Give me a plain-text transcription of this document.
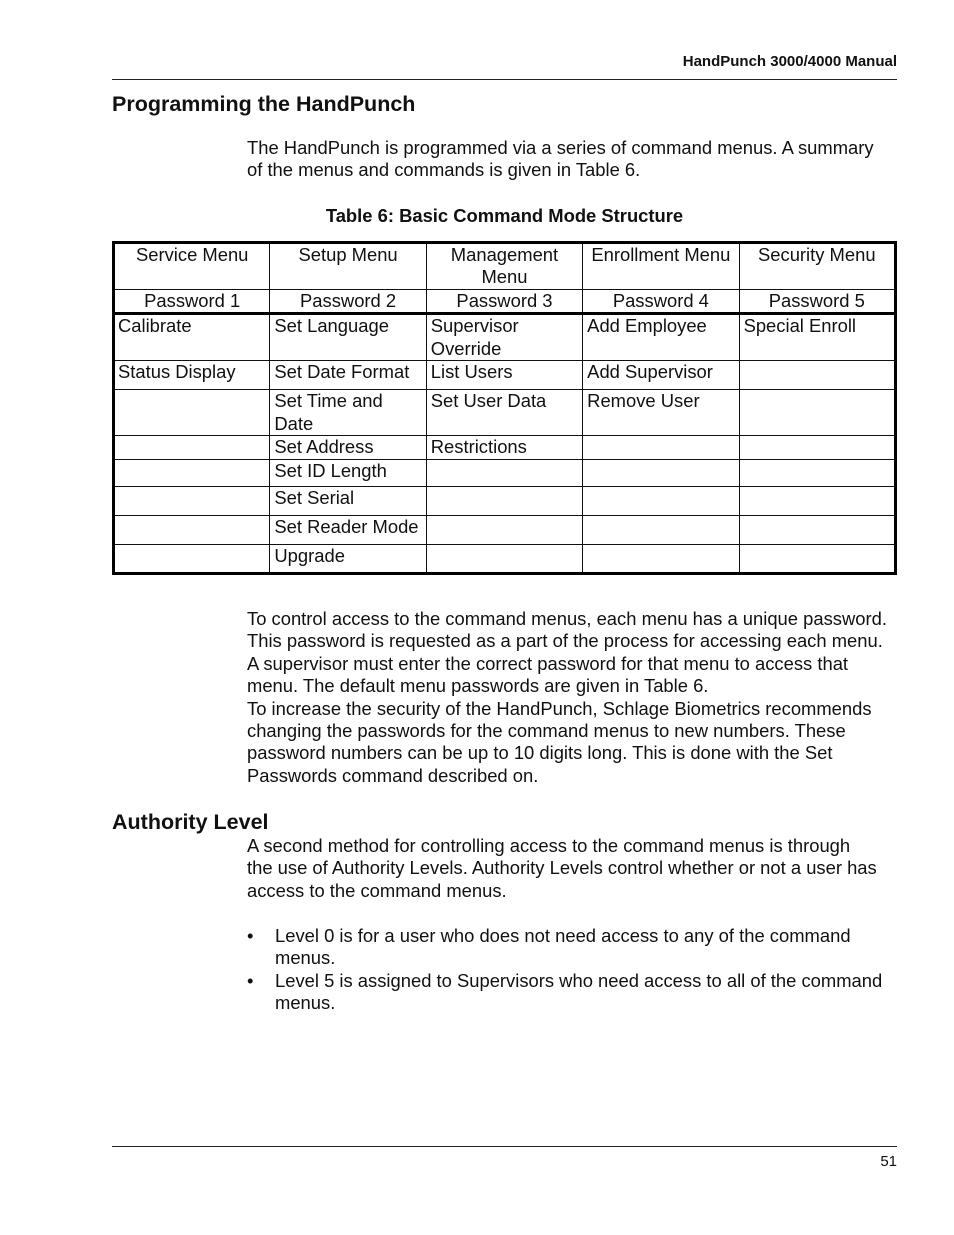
HandPunch 3000/4000 Manual
Programming the HandPunch
The HandPunch is programmed via a series of command menus. A summary
of the menus and commands is given in Table 6.
Table 6: Basic Command Mode Structure
Service Menu	Setup Menu	Management Menu	Enrollment Menu	Security Menu
Password 1	Password 2	Password 3	Password 4	Password 5
Calibrate	Set Language	Supervisor Override	Add Employee	Special Enroll
Status Display	Set Date Format	List Users	Add Supervisor	
	Set Time and Date	Set User Data	Remove User	
	Set Address	Restrictions		
	Set ID Length			
	Set Serial			
	Set Reader Mode			
	Upgrade			
To control access to the command menus, each menu has a unique password.
This password is requested as a part of the process for accessing each menu.
A supervisor must enter the correct password for that menu to access that
menu. The default menu passwords are given in Table 6.
To increase the security of the HandPunch, Schlage Biometrics recommends
changing the passwords for the command menus to new numbers. These
password numbers can be up to 10 digits long. This is done with the Set
Passwords command described on.
Authority Level
A second method for controlling access to the command menus is through
the use of Authority Levels. Authority Levels control whether or not a user has
access to the command menus.
• Level 0 is for a user who does not need access to any of the command
menus.
• Level 5 is assigned to Supervisors who need access to all of the command
menus.
51
